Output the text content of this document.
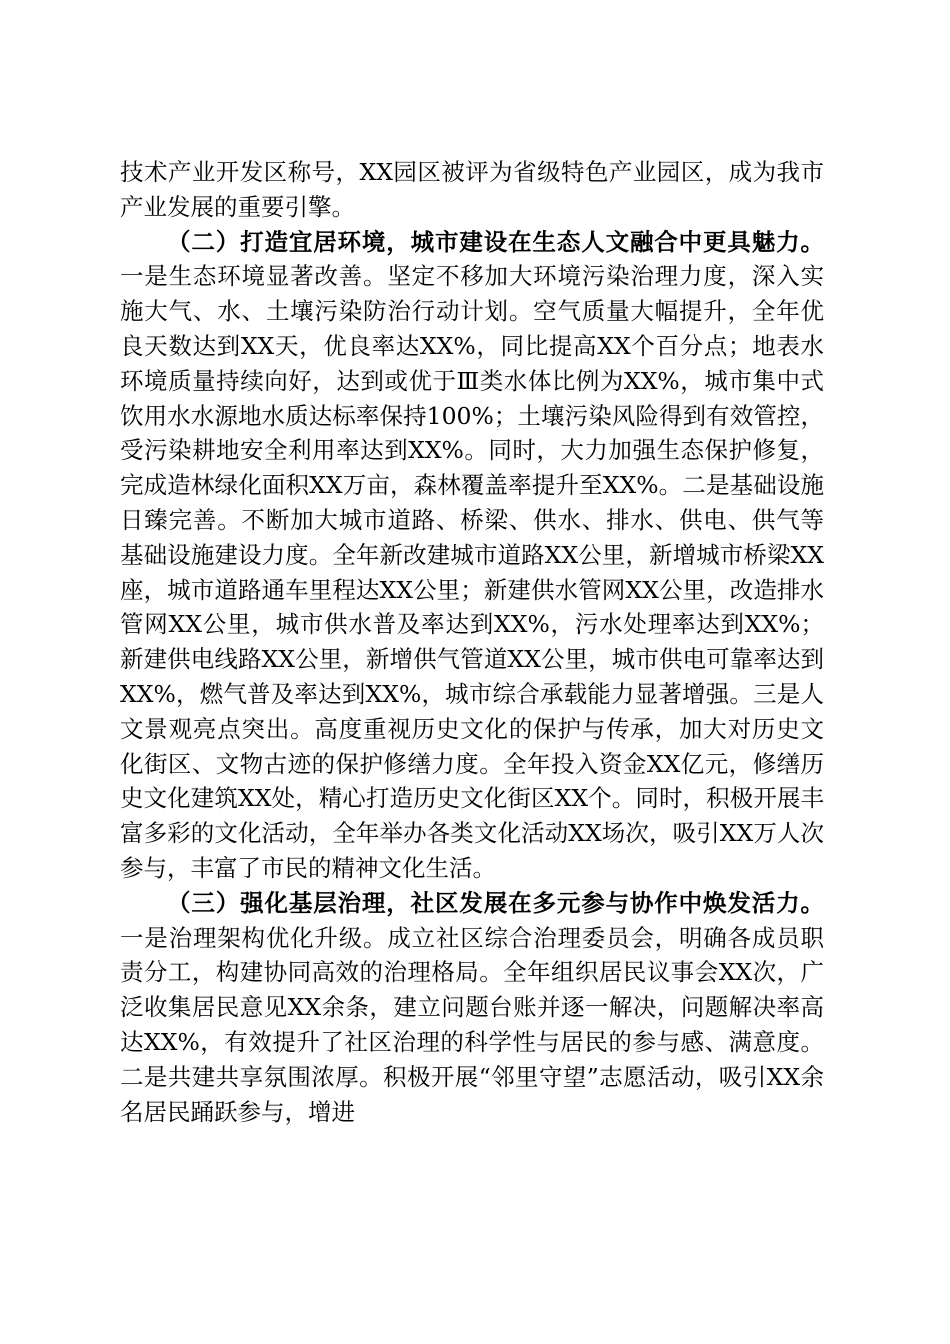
技术产业开发区称号，XX园区被评为省级特色产业园区，成为我市产业发展的重要引擎。

（二）打造宜居环境，城市建设在生态人文融合中更具魅力。一是生态环境显著改善。坚定不移加大环境污染治理力度，深入实施大气、水、土壤污染防治行动计划。空气质量大幅提升，全年优良天数达到XX天，优良率达XX%，同比提高XX个百分点；地表水环境质量持续向好，达到或优于Ⅲ类水体比例为XX%，城市集中式饮用水水源地水质达标率保持100%；土壤污染风险得到有效管控，受污染耕地安全利用率达到XX%。同时，大力加强生态保护修复，完成造林绿化面积XX万亩，森林覆盖率提升至XX%。二是基础设施日臻完善。不断加大城市道路、桥梁、供水、排水、供电、供气等基础设施建设力度。全年新改建城市道路XX公里，新增城市桥梁XX座，城市道路通车里程达XX公里；新建供水管网XX公里，改造排水管网XX公里，城市供水普及率达到XX%，污水处理率达到XX%；新建供电线路XX公里，新增供气管道XX公里，城市供电可靠率达到XX%，燃气普及率达到XX%，城市综合承载能力显著增强。三是人文景观亮点突出。高度重视历史文化的保护与传承，加大对历史文化街区、文物古迹的保护修缮力度。全年投入资金XX亿元，修缮历史文化建筑XX处，精心打造历史文化街区XX个。同时，积极开展丰富多彩的文化活动，全年举办各类文化活动XX场次，吸引XX万人次参与，丰富了市民的精神文化生活。

（三）强化基层治理，社区发展在多元参与协作中焕发活力。一是治理架构优化升级。成立社区综合治理委员会，明确各成员职责分工，构建协同高效的治理格局。全年组织居民议事会XX次，广泛收集居民意见XX余条，建立问题台账并逐一解决，问题解决率高达XX%，有效提升了社区治理的科学性与居民的参与感、满意度。二是共建共享氛围浓厚。积极开展“邻里守望”志愿活动，吸引XX余名居民踊跃参与，增进
